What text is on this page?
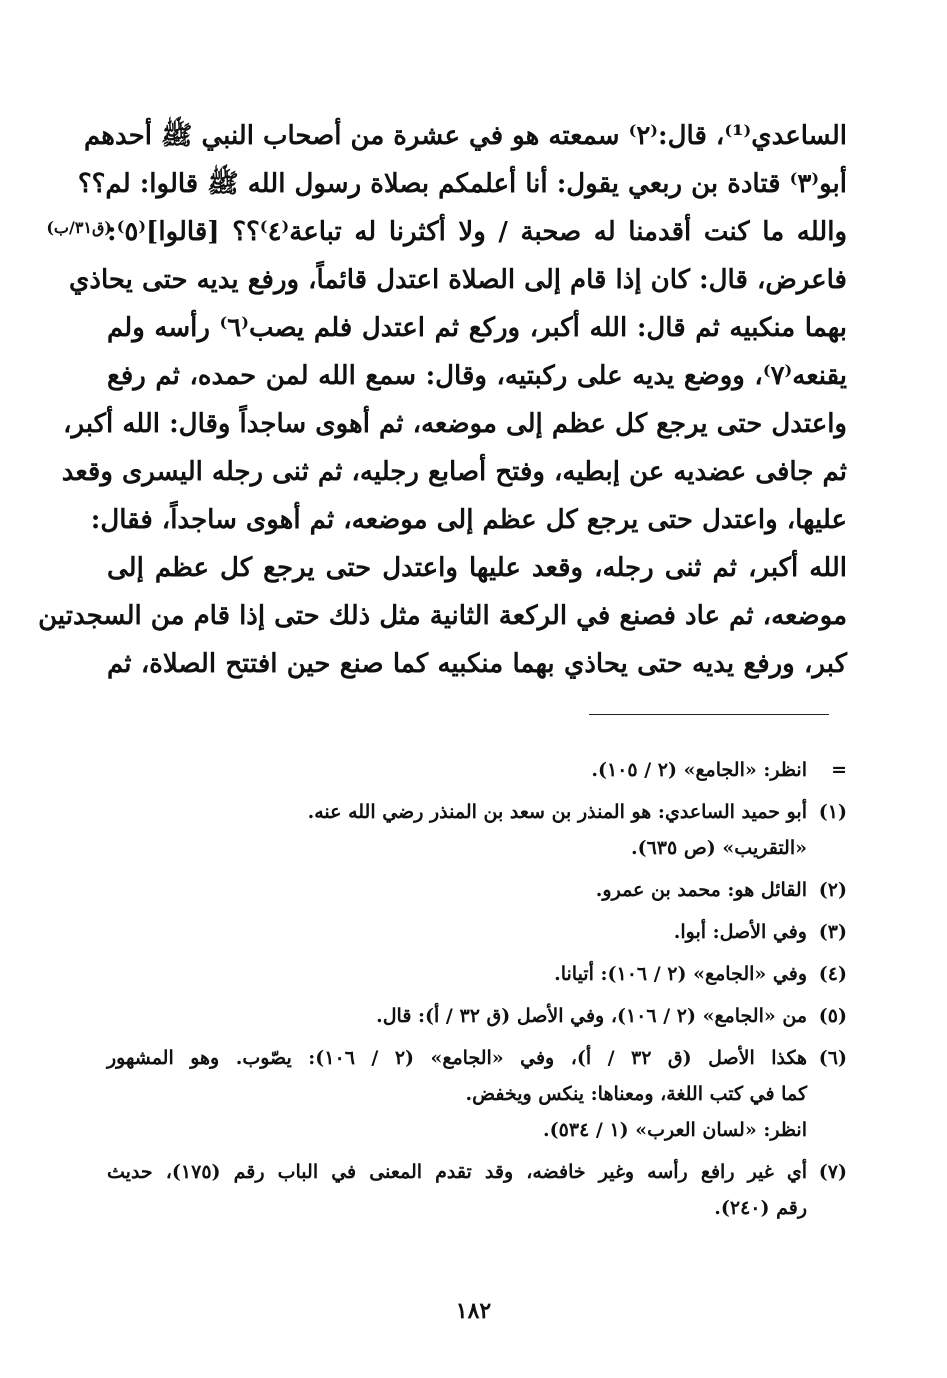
الساعدي⁽¹⁾، قال:⁽٢⁾ سمعته هو في عشرة من أصحاب النبي ﷺ أحدهم
أبو⁽٣⁾ قتادة بن ربعي يقول: أنا أعلمكم بصلاة رسول الله ﷺ قالوا: لم؟؟
والله ما كنت أقدمنا له صحبة / ولا أكثرنا له تباعة⁽٤⁾؟؟ [قالوا]⁽٥⁾:
فاعرض، قال: كان إذا قام إلى الصلاة اعتدل قائماً، ورفع يديه حتى يحاذي
بهما منكبيه ثم قال: الله أكبر، وركع ثم اعتدل فلم يصب⁽٦⁾ رأسه ولم
يقنعه⁽٧⁾، ووضع يديه على ركبتيه، وقال: سمع الله لمن حمده، ثم رفع
واعتدل حتى يرجع كل عظم إلى موضعه، ثم أهوى ساجداً وقال: الله أكبر،
ثم جافى عضديه عن إبطيه، وفتح أصابع رجليه، ثم ثنى رجله اليسرى وقعد
عليها، واعتدل حتى يرجع كل عظم إلى موضعه، ثم أهوى ساجداً، فقال:
الله أكبر، ثم ثنى رجله، وقعد عليها واعتدل حتى يرجع كل عظم إلى
موضعه، ثم عاد فصنع في الركعة الثانية مثل ذلك حتى إذا قام من السجدتين
كبر، ورفع يديه حتى يحاذي بهما منكبيه كما صنع حين افتتح الصلاة، ثم
(ق٣١/ب)
=
انظر: «الجامع» (٢ / ١٠٥).
(١)
أبو حميد الساعدي: هو المنذر بن سعد بن المنذر رضي الله عنه.
«التقريب» (ص ٦٣٥).
(٢)
القائل هو: محمد بن عمرو.
(٣)
وفي الأصل: أبوا.
(٤)
وفي «الجامع» (٢ / ١٠٦): أتيانا.
(٥)
من «الجامع» (٢ / ١٠٦)، وفي الأصل (ق ٣٢ / أ): قال.
(٦)
هكذا الأصل (ق ٣٢ / أ)، وفي «الجامع» (٢ / ١٠٦): يصّوب. وهو المشهور
كما في كتب اللغة، ومعناها: ينكس ويخفض.
انظر: «لسان العرب» (١ / ٥٣٤).
(٧)
أي غير رافع رأسه وغير خافضه، وقد تقدم المعنى في الباب رقم (١٧٥)، حديث
رقم (٢٤٠).
١٨٢
